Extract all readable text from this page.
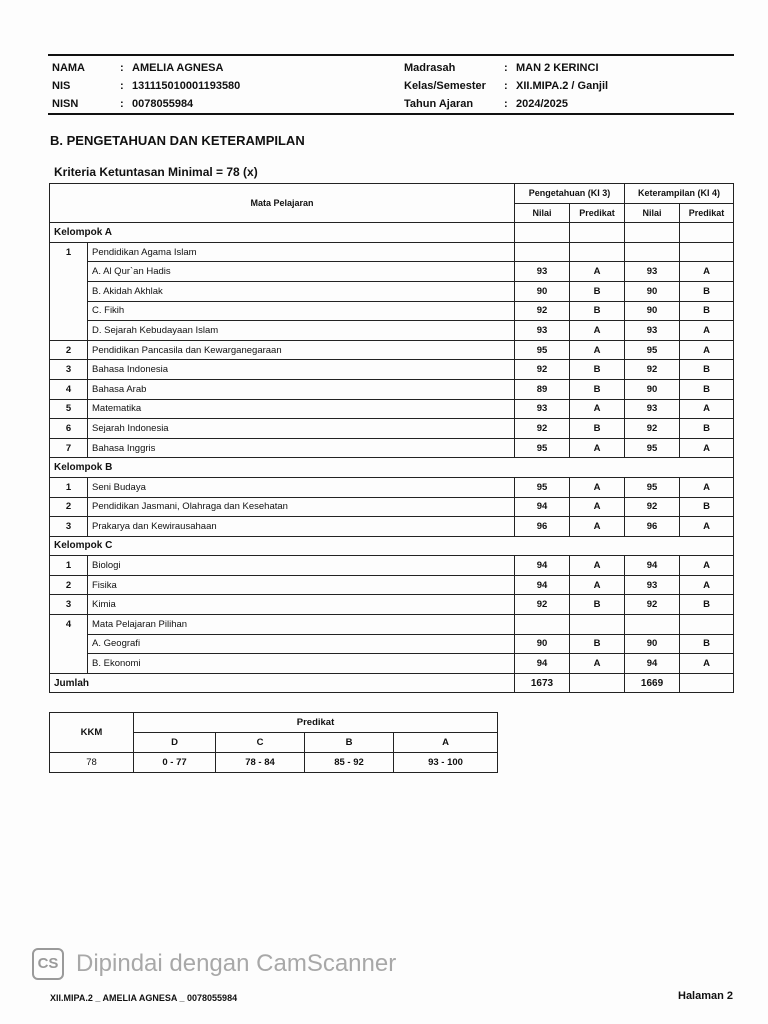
NAMA	: AMELIA AGNESA
NIS	: 131115010001193580
NISN	: 0078055984
Madrasah	: MAN 2 KERINCI
Kelas/Semester : XII.MIPA.2 / Ganjil
Tahun Ajaran	: 2024/2025
B. PENGETAHUAN DAN KETERAMPILAN
Kriteria Ketuntasan Minimal = 78 (x)
Mata Pelajaran		Pengetahuan (KI 3)		Keterampilan (KI 4)	
		Nilai	Predikat	Nilai	Predikat
Kelompok A					
1	Pendidikan Agama Islam				
	A. Al Qur`an Hadis	93	A	93	A
	B. Akidah Akhlak	90	B	90	B
	C. Fikih	92	B	90	B
	D. Sejarah Kebudayaan Islam	93	A	93	A
2	Pendidikan Pancasila dan Kewarganegaraan	95	A	95	A
3	Bahasa Indonesia	92	B	92	B
4	Bahasa Arab	89	B	90	B
5	Matematika	93	A	93	A
6	Sejarah Indonesia	92	B	92	B
7	Bahasa Inggris	95	A	95	A
Kelompok B					
1	Seni Budaya	95	A	95	A
2	Pendidikan Jasmani, Olahraga dan Kesehatan	94	A	92	B
3	Prakarya dan Kewirausahaan	96	A	96	A
Kelompok C					
1	Biologi	94	A	94	A
2	Fisika	94	A	93	A
3	Kimia	92	B	92	B
4	Mata Pelajaran Pilihan				
	A. Geografi	90	B	90	B
	B. Ekonomi	94	A	94	A
Jumlah		1673		1669	
KKM	Predikat			
	D	C	B	A
78	0 - 77	78 - 84	85 - 92	93 - 100
CS Dipindai dengan CamScanner
XII.MIPA.2 _ AMELIA AGNESA _ 0078055984	Halaman 2
